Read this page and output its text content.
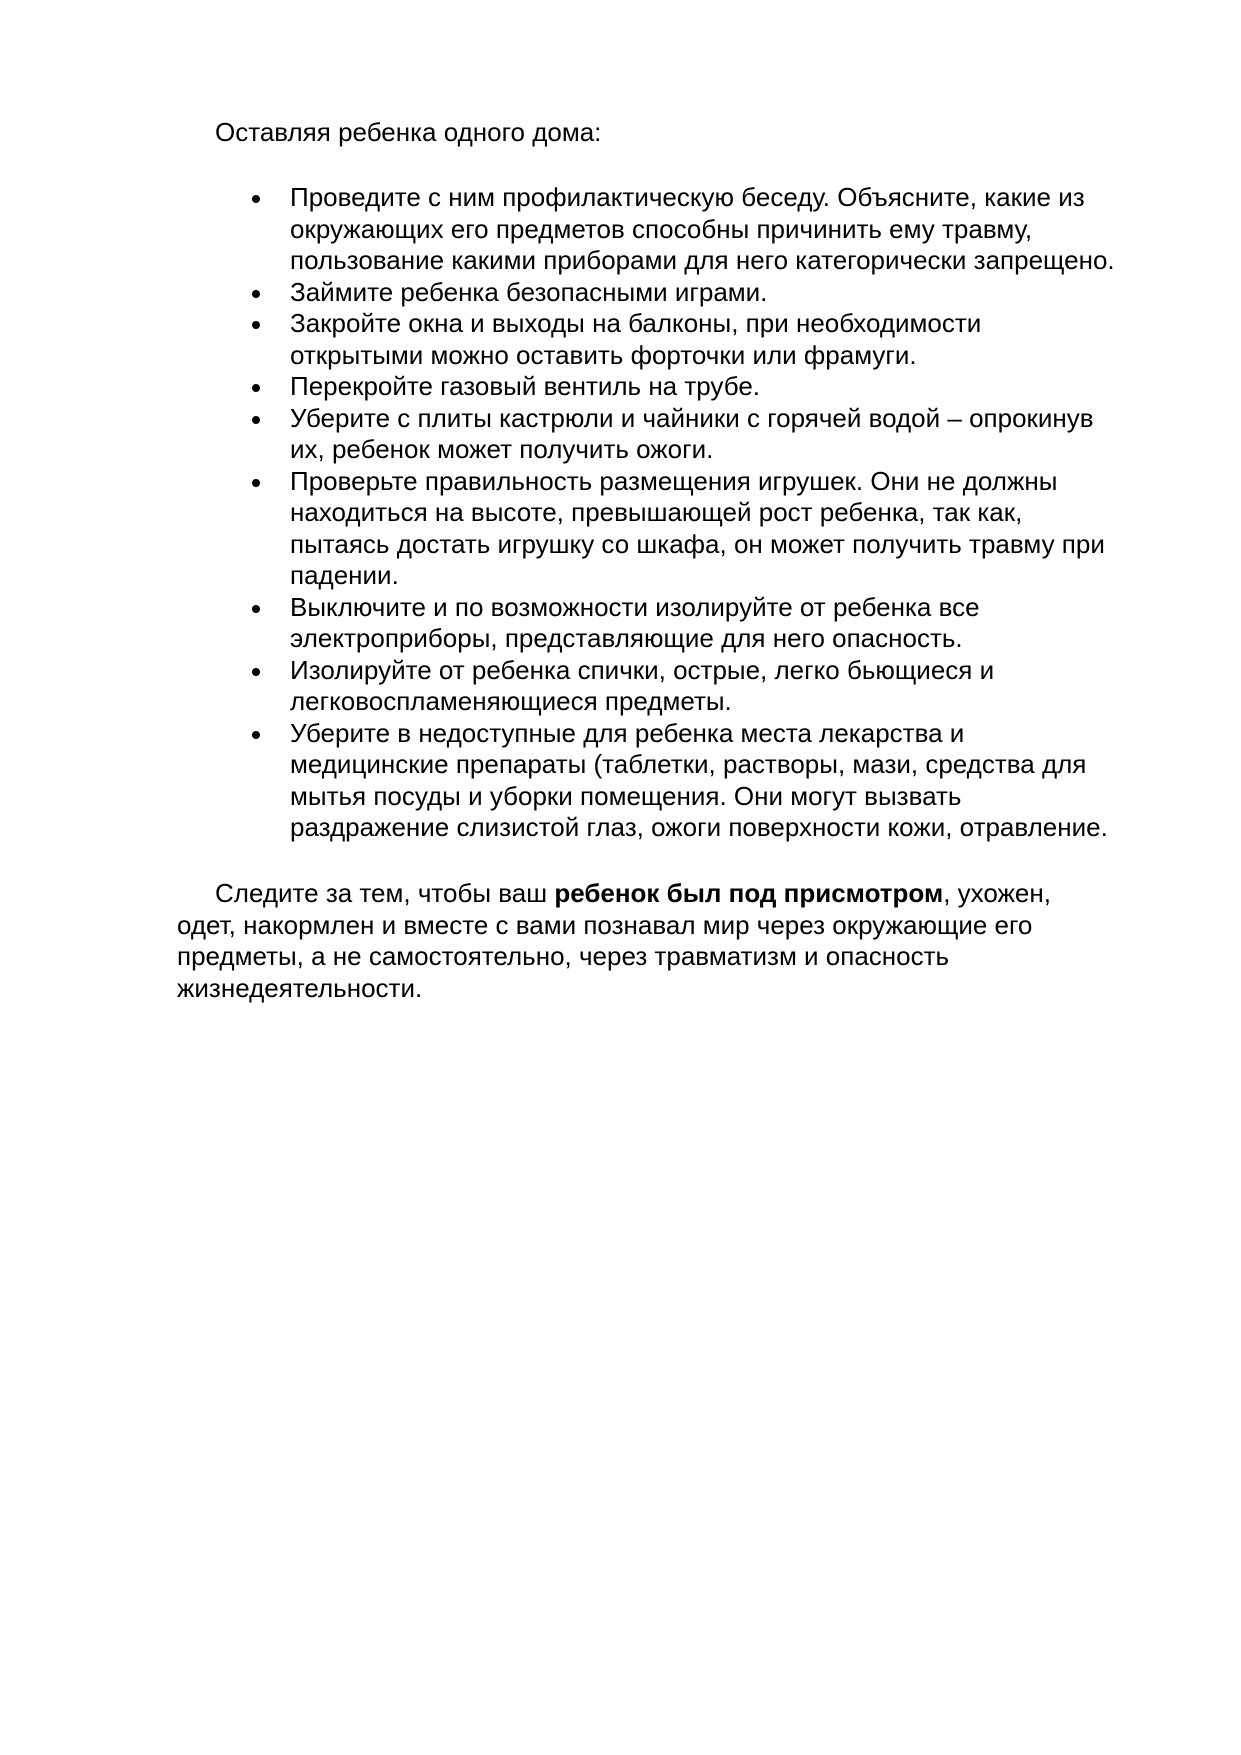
Оставляя ребенка одного дома:

Проведите с ним профилактическую беседу. Объясните, какие из
окружающих его предметов способны причинить ему травму,
пользование какими приборами для него категорически запрещено.
Займите ребенка безопасными играми.
Закройте окна и выходы на балконы, при необходимости
открытыми можно оставить форточки или фрамуги.
Перекройте газовый вентиль на трубе.
Уберите с плиты кастрюли и чайники с горячей водой – опрокинув
их, ребенок может получить ожоги.
Проверьте правильность размещения игрушек. Они не должны
находиться на высоте, превышающей рост ребенка, так как,
пытаясь достать игрушку со шкафа, он может получить травму при
падении.
Выключите и по возможности изолируйте от ребенка все
электроприборы, представляющие для него опасность.
Изолируйте от ребенка спички, острые, легко бьющиеся и
легковоспламеняющиеся предметы.
Уберите в недоступные для ребенка места лекарства и
медицинские препараты (таблетки, растворы, мази, средства для
мытья посуды и уборки помещения. Они могут вызвать
раздражение слизистой глаз, ожоги поверхности кожи, отравление.
Следите за тем, чтобы ваш ребенок был под присмотром, ухожен,
одет, накормлен и вместе с вами познавал мир через окружающие его
предметы, а не самостоятельно, через травматизм и опасность
жизнедеятельности.
